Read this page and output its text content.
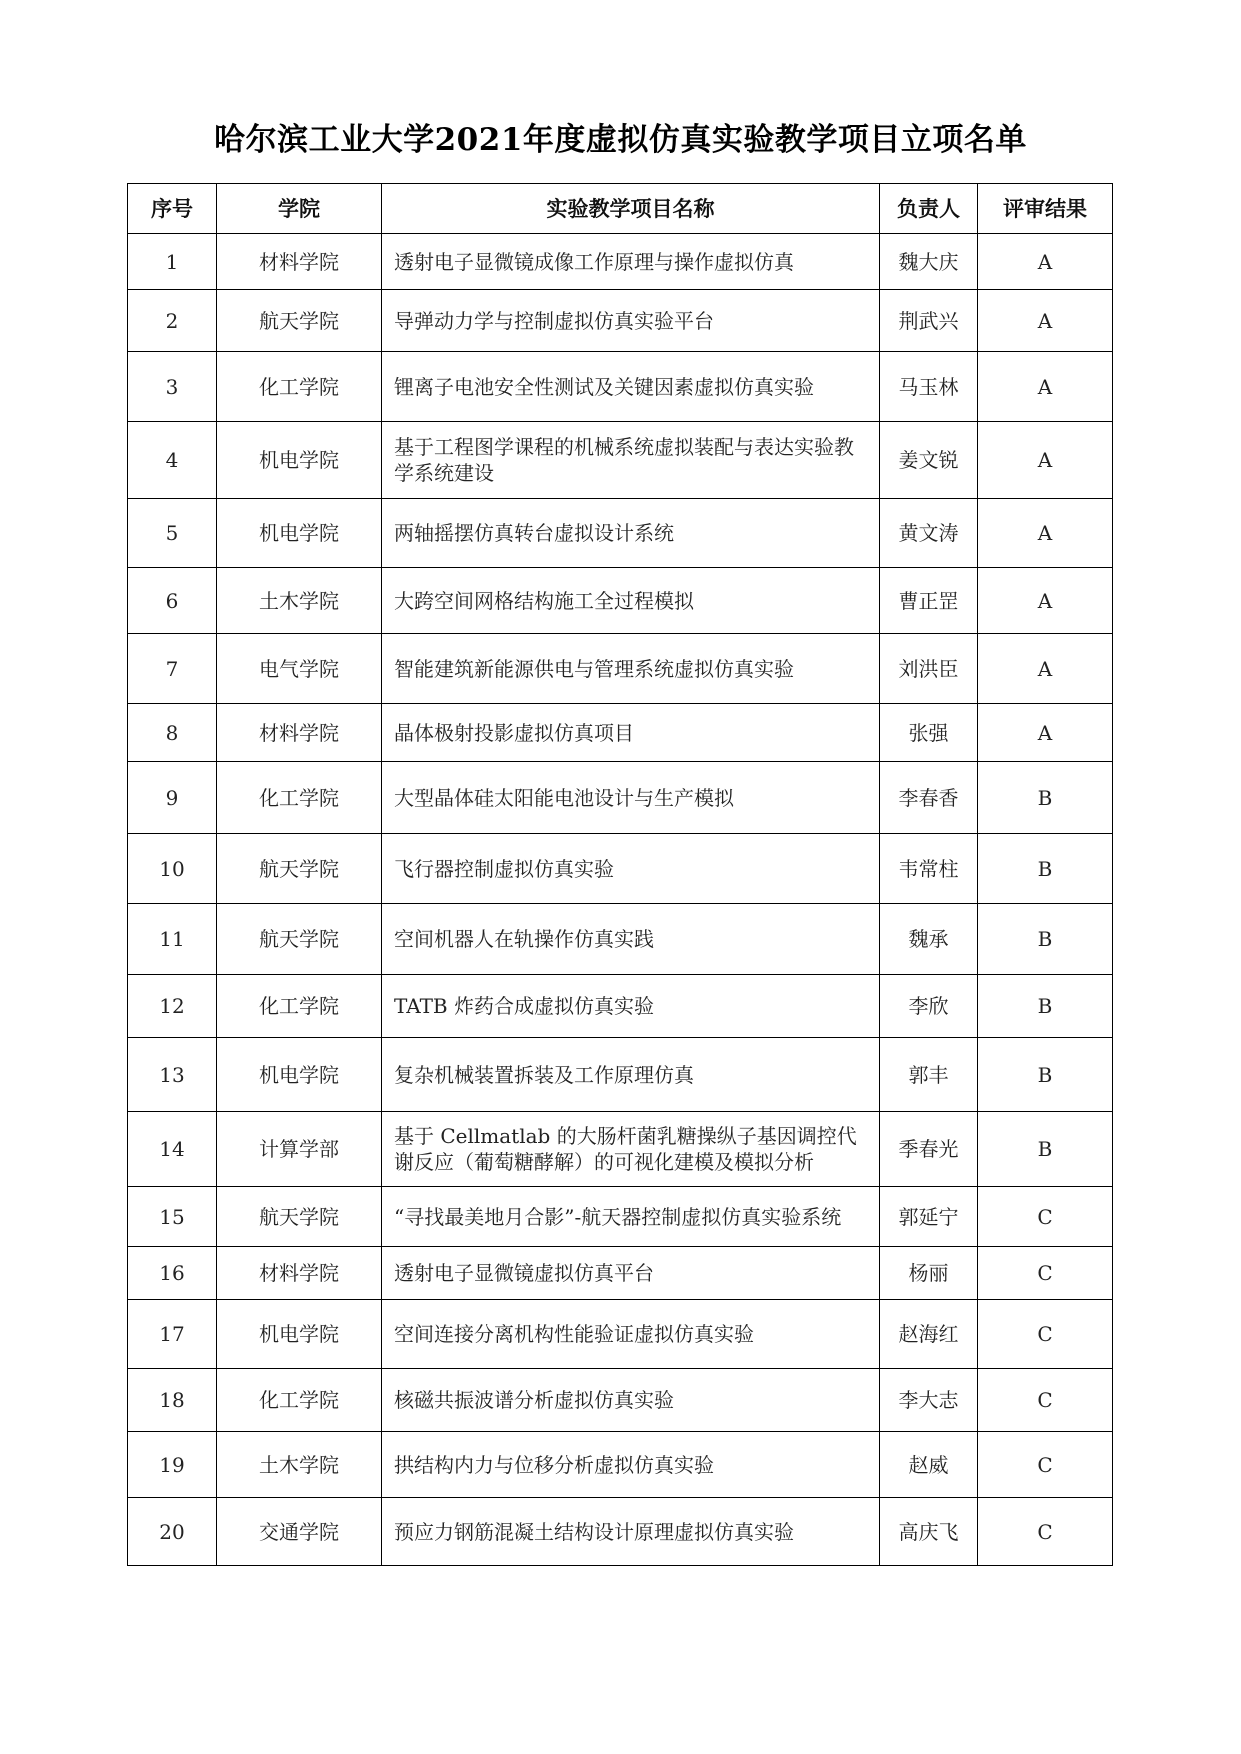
哈尔滨工业大学2021年度虚拟仿真实验教学项目立项名单
序号	学院	实验教学项目名称	负责人	评审结果
1	材料学院	透射电子显微镜成像工作原理与操作虚拟仿真	魏大庆	A
2	航天学院	导弹动力学与控制虚拟仿真实验平台	荆武兴	A
3	化工学院	锂离子电池安全性测试及关键因素虚拟仿真实验	马玉林	A
4	机电学院	基于工程图学课程的机械系统虚拟装配与表达实验教学系统建设	姜文锐	A
5	机电学院	两轴摇摆仿真转台虚拟设计系统	黄文涛	A
6	土木学院	大跨空间网格结构施工全过程模拟	曹正罡	A
7	电气学院	智能建筑新能源供电与管理系统虚拟仿真实验	刘洪臣	A
8	材料学院	晶体极射投影虚拟仿真项目	张强	A
9	化工学院	大型晶体硅太阳能电池设计与生产模拟	李春香	B
10	航天学院	飞行器控制虚拟仿真实验	韦常柱	B
11	航天学院	空间机器人在轨操作仿真实践	魏承	B
12	化工学院	TATB 炸药合成虚拟仿真实验	李欣	B
13	机电学院	复杂机械装置拆装及工作原理仿真	郭丰	B
14	计算学部	基于 Cellmatlab 的大肠杆菌乳糖操纵子基因调控代谢反应（葡萄糖酵解）的可视化建模及模拟分析	季春光	B
15	航天学院	“寻找最美地月合影”-航天器控制虚拟仿真实验系统	郭延宁	C
16	材料学院	透射电子显微镜虚拟仿真平台	杨丽	C
17	机电学院	空间连接分离机构性能验证虚拟仿真实验	赵海红	C
18	化工学院	核磁共振波谱分析虚拟仿真实验	李大志	C
19	土木学院	拱结构内力与位移分析虚拟仿真实验	赵威	C
20	交通学院	预应力钢筋混凝土结构设计原理虚拟仿真实验	高庆飞	C
